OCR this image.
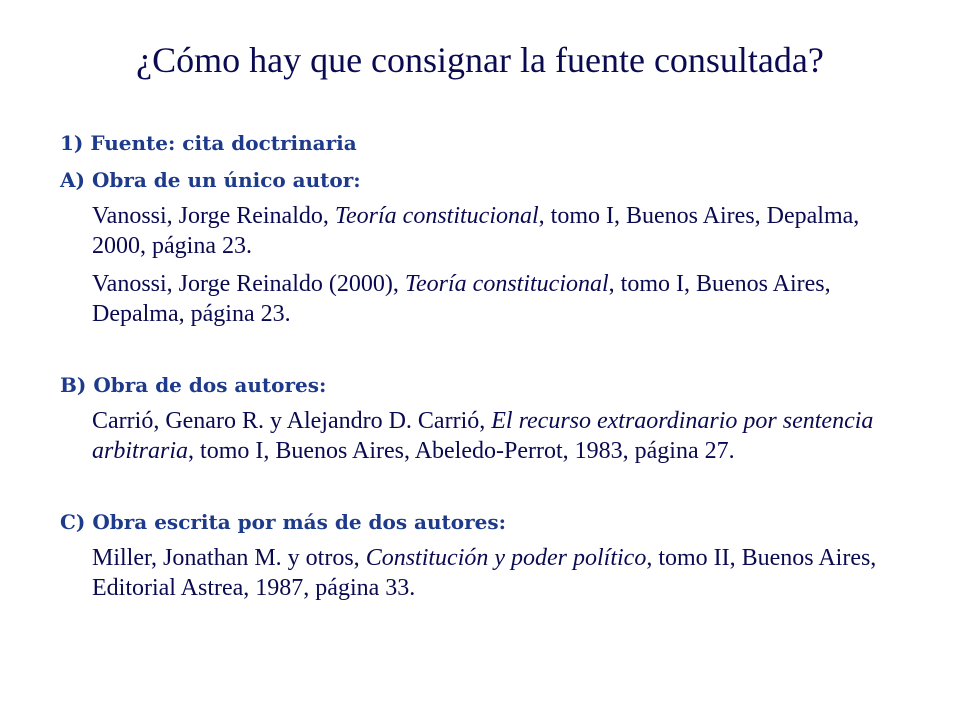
¿Cómo hay que consignar la fuente consultada?

1) Fuente: cita doctrinaria

A) Obra de un único autor:

Vanossi, Jorge Reinaldo, Teoría constitucional, tomo I, Buenos Aires, Depalma, 2000, página 23.

Vanossi, Jorge Reinaldo (2000), Teoría constitucional, tomo I, Buenos Aires, Depalma, página 23.

B) Obra de dos autores:

Carrió, Genaro R. y Alejandro D. Carrió, El recurso extraordinario por sentencia arbitraria, tomo I, Buenos Aires, Abeledo-Perrot, 1983, página 27.

C) Obra escrita por más de dos autores:

Miller, Jonathan M. y otros, Constitución y poder político, tomo II, Buenos Aires, Editorial Astrea, 1987, página 33.
